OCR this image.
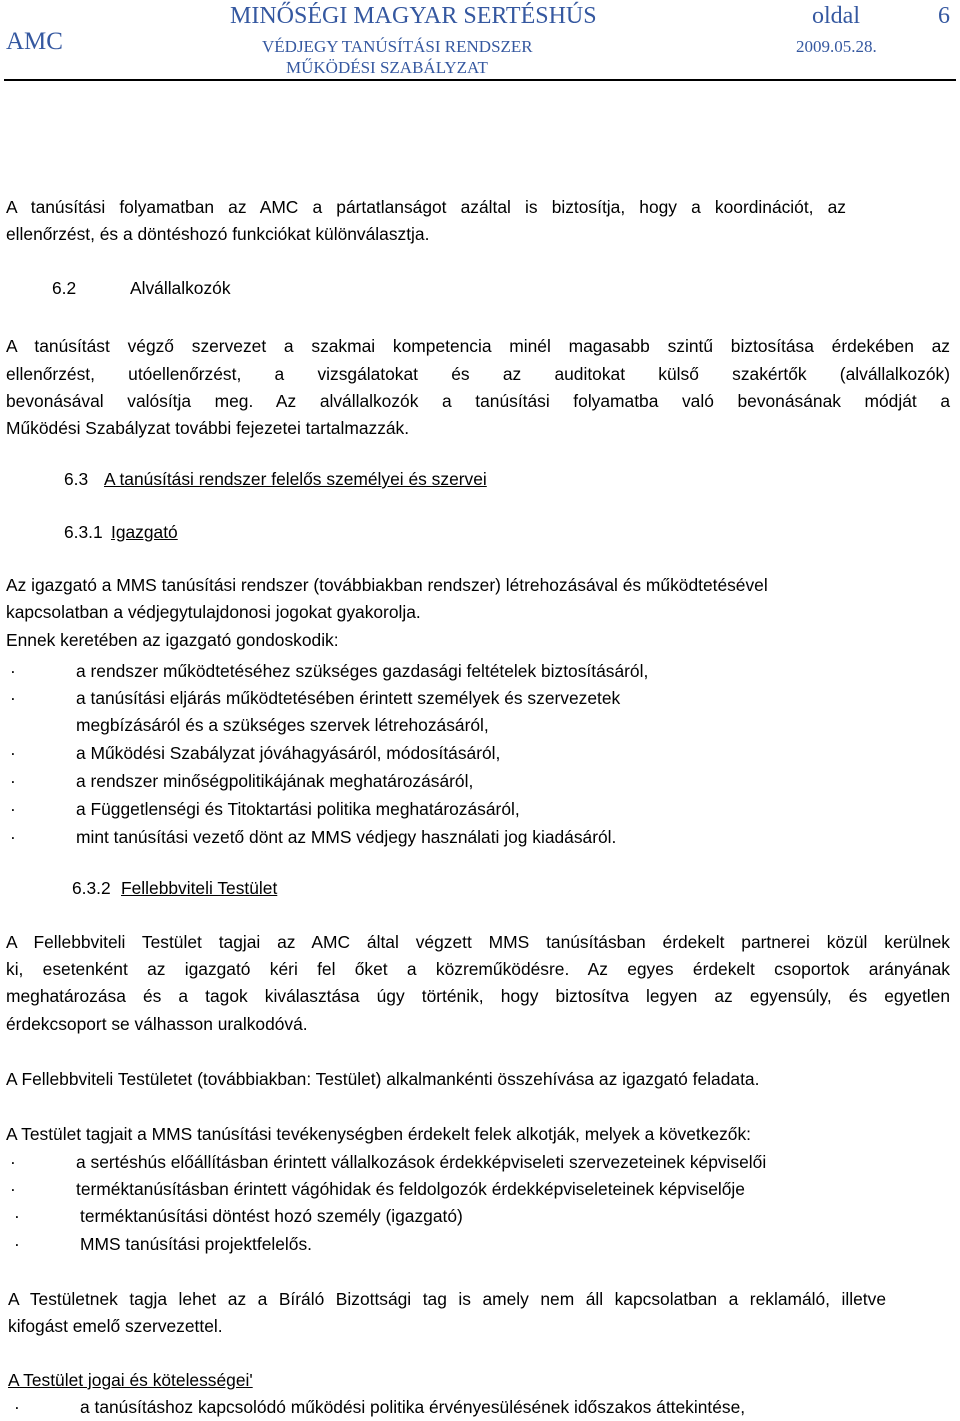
AMC
MINŐSÉGI MAGYAR SERTÉSHÚS
VÉDJEGY TANÚSÍTÁSI RENDSZER
MŰKÖDÉSI SZABÁLYZAT
oldal	6
2009.05.28.
A tanúsítási folyamatban az AMC a pártatlanságot azáltal is biztosítja, hogy a koordinációt, az
ellenőrzést, és a döntéshozó funkciókat különválasztja.
6.2	Alvállalkozók
A tanúsítást végző szervezet a szakmai kompetencia minél magasabb szintű biztosítása érdekében az
ellenőrzést, utóellenőrzést, a vizsgálatokat és az auditokat külső szakértők (alvállalkozók)
bevonásával valósítja meg. Az alvállalkozók a tanúsítási folyamatba való bevonásának módját a
Működési Szabályzat további fejezetei tartalmazzák.
6.3 A tanúsítási rendszer felelős személyei és szervei
6.3.1 Igazgató
Az igazgató a MMS tanúsítási rendszer (továbbiakban rendszer) létrehozásával és működtetésével
kapcsolatban a védjegytulajdonosi jogokat gyakorolja.
Ennek keretében az igazgató gondoskodik:
·	a rendszer működtetéséhez szükséges gazdasági feltételek biztosításáról,
·	a tanúsítási eljárás működtetésében érintett személyek és szervezetek
megbízásáról és a szükséges szervek létrehozásáról,
·	a Működési Szabályzat jóváhagyásáról, módosításáról,
·	a rendszer minőségpolitikájának meghatározásáról,
·	a Függetlenségi és Titoktartási politika meghatározásáról,
·	mint tanúsítási vezető dönt az MMS védjegy használati jog kiadásáról.
6.3.2 Fellebbviteli Testület
A Fellebbviteli Testület tagjai az AMC által végzett MMS tanúsításban érdekelt partnerei közül kerülnek
ki, esetenként az igazgató kéri fel őket a közreműködésre. Az egyes érdekelt csoportok arányának
meghatározása és a tagok kiválasztása úgy történik, hogy biztosítva legyen az egyensúly, és egyetlen
érdekcsoport se válhasson uralkodóvá.
A Fellebbviteli Testületet (továbbiakban: Testület) alkalmankénti összehívása az igazgató feladata.
A Testület tagjait a MMS tanúsítási tevékenységben érdekelt felek alkotják, melyek a következők:
·	a sertéshús előállításban érintett vállalkozások érdekképviseleti szervezeteinek képviselői
·	terméktanúsításban érintett vágóhidak és feldolgozók érdekképviseleteinek képviselője
·	terméktanúsítási döntést hozó személy (igazgató)
·	MMS tanúsítási projektfelelős.
A Testületnek tagja lehet az a Bíráló Bizottsági tag is amely nem áll kapcsolatban a reklamáló, illetve
kifogást emelő szervezettel.
A Testület jogai és kötelességei'
·	a tanúsításhoz kapcsolódó működési politika érvényesülésének időszakos áttekintése,
